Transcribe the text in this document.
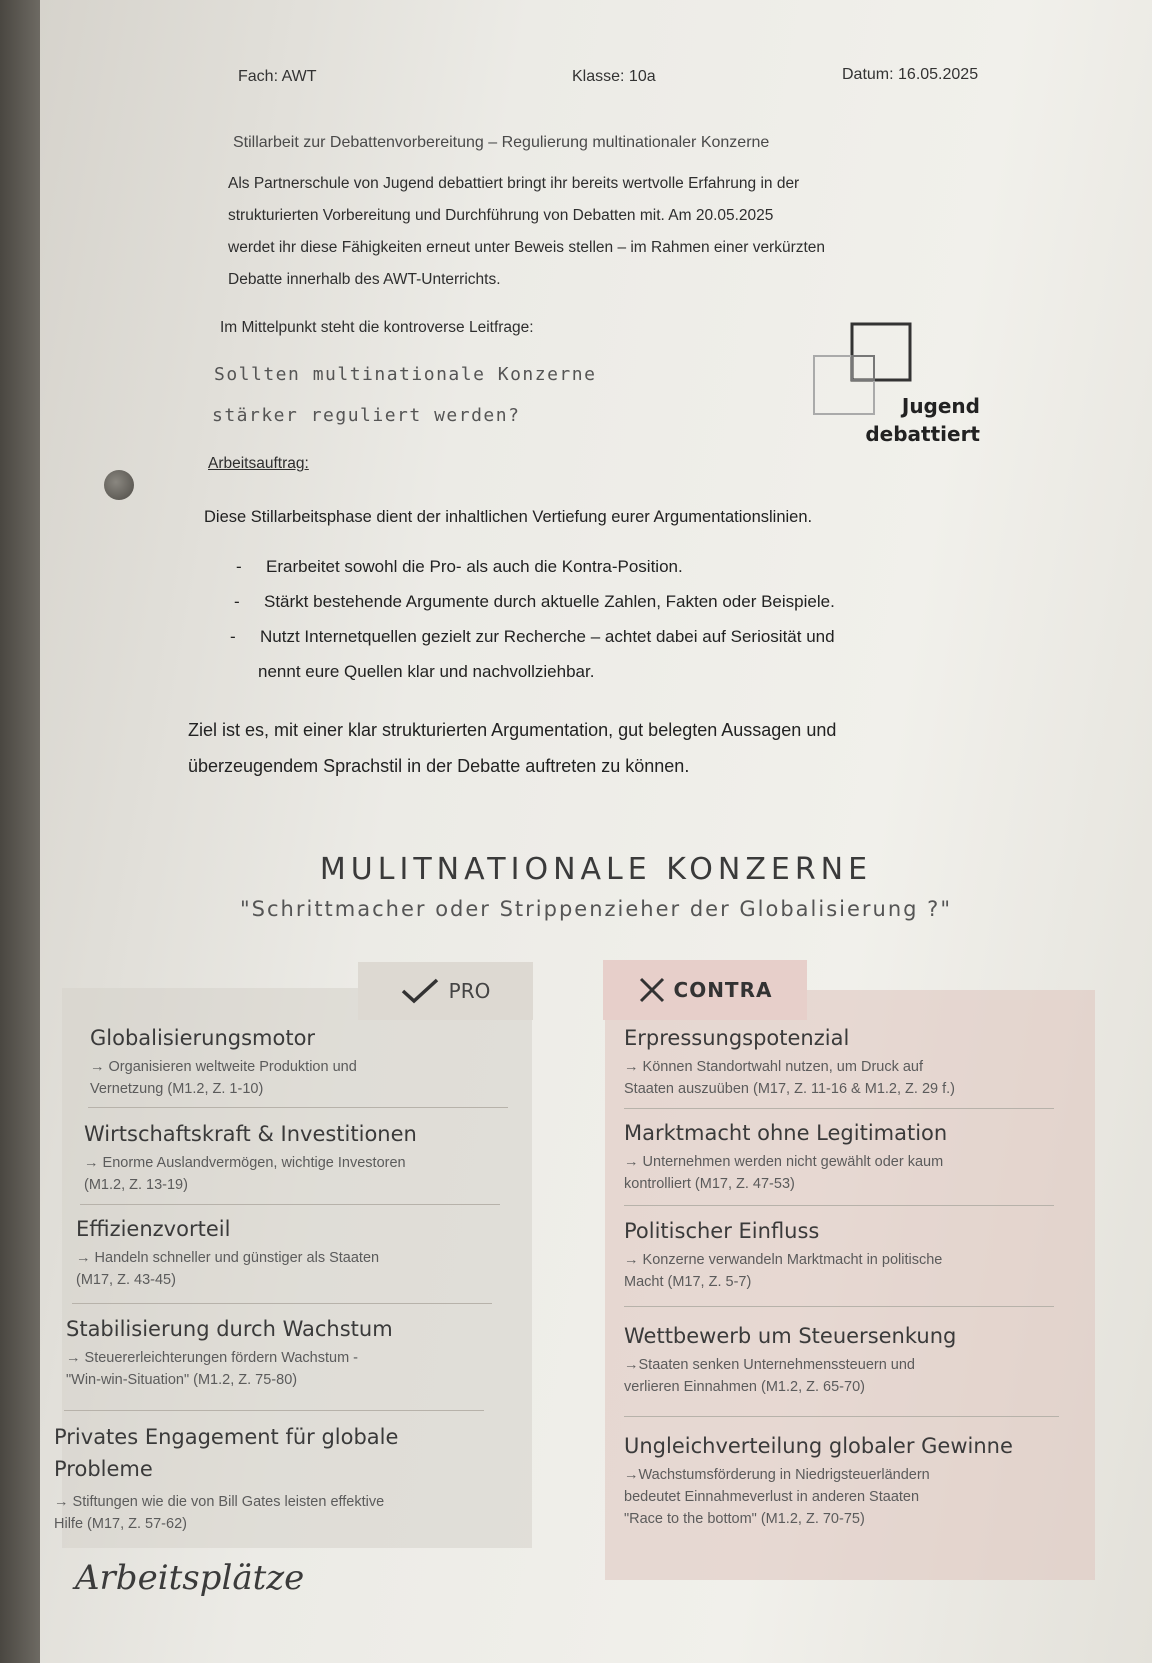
Fach: AWT	Klasse: 10a	Datum: 16.05.2025
Stillarbeit zur Debattenvorbereitung – Regulierung multinationaler Konzerne
Als Partnerschule von Jugend debattiert bringt ihr bereits wertvolle Erfahrung in der
strukturierten Vorbereitung und Durchführung von Debatten mit. Am 20.05.2025
werdet ihr diese Fähigkeiten erneut unter Beweis stellen – im Rahmen einer verkürzten
Debatte innerhalb des AWT-Unterrichts.
Im Mittelpunkt steht die kontroverse Leitfrage:
Sollten multinationale Konzerne
stärker reguliert werden?	Jugend
debattiert
Arbeitsauftrag:
Diese Stillarbeitsphase dient der inhaltlichen Vertiefung eurer Argumentationslinien.
- Erarbeitet sowohl die Pro- als auch die Kontra-Position.
- Stärkt bestehende Argumente durch aktuelle Zahlen, Fakten oder Beispiele.
- Nutzt Internetquellen gezielt zur Recherche – achtet dabei auf Seriosität und
nennt eure Quellen klar und nachvollziehbar.
Ziel ist es, mit einer klar strukturierten Argumentation, gut belegten Aussagen und
überzeugendem Sprachstil in der Debatte auftreten zu können.
MULITNATIONALE KONZERNE
"Schrittmacher oder Strippenzieher der Globalisierung ?"
PRO	CONTRA

Globalisierungsmotor

→ Organisieren weltweite Produktion und
Vernetzung (M1.2, Z. 1-10)

Wirtschaftskraft & Investitionen

→ Enorme Auslandvermögen, wichtige Investoren
(M1.2, Z. 13-19)

Effizienzvorteil

→ Handeln schneller und günstiger als Staaten
(M17, Z. 43-45)

Stabilisierung durch Wachstum

→ Steuererleichterungen fördern Wachstum -
"Win-win-Situation" (M1.2, Z. 75-80)

Privates Engagement für globale

Probleme

→ Stiftungen wie die von Bill Gates leisten effektive
Hilfe (M17, Z. 57-62)

Erpressungspotenzial

→ Können Standortwahl nutzen, um Druck auf
Staaten auszuüben (M17, Z. 11-16 & M1.2, Z. 29 f.)

Marktmacht ohne Legitimation

→ Unternehmen werden nicht gewählt oder kaum
kontrolliert (M17, Z. 47-53)

Politischer Einfluss

→ Konzerne verwandeln Marktmacht in politische
Macht (M17, Z. 5-7)

Wettbewerb um Steuersenkung

→Staaten senken Unternehmenssteuern und
verlieren Einnahmen (M1.2, Z. 65-70)

Ungleichverteilung globaler Gewinne

→Wachstumsförderung in Niedrigsteuerländern
bedeutet Einnahmeverlust in anderen Staaten
"Race to the bottom" (M1.2, Z. 70-75)
Arbeitsplätze
